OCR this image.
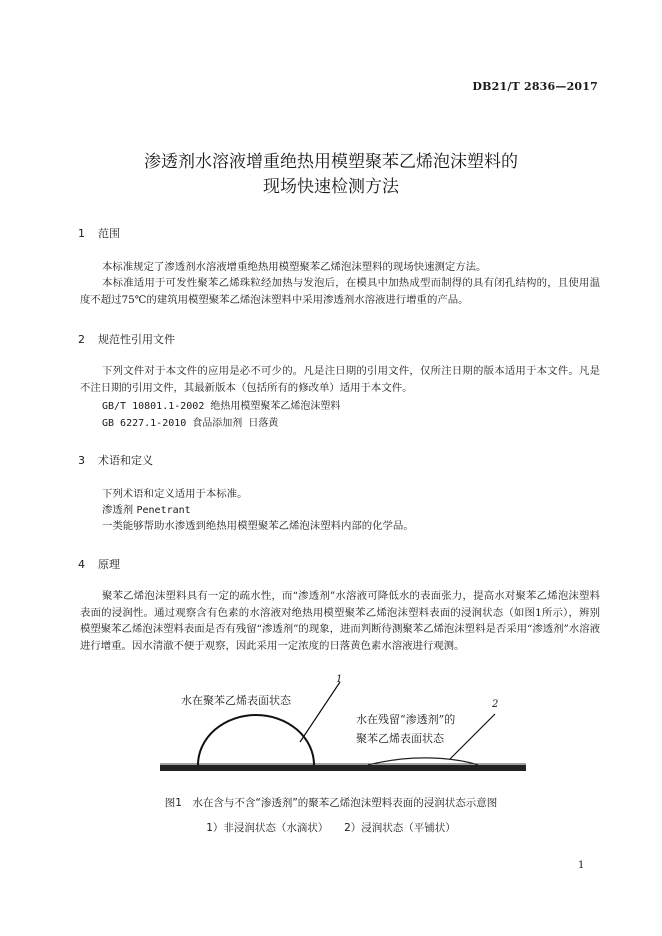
DB21/T 2836—2017
渗透剂水溶液增重绝热用模塑聚苯乙烯泡沫塑料的
现场快速检测方法
1 范围
本标准规定了渗透剂水溶液增重绝热用模塑聚苯乙烯泡沫塑料的现场快速测定方法。
本标准适用于可发性聚苯乙烯珠粒经加热与发泡后，在模具中加热成型而制得的具有闭孔结构的，且使用温度不超过75℃的建筑用模塑聚苯乙烯泡沫塑料中采用渗透剂水溶液进行增重的产品。
2 规范性引用文件
下列文件对于本文件的应用是必不可少的。凡是注日期的引用文件，仅所注日期的版本适用于本文件。凡是不注日期的引用文件，其最新版本（包括所有的修改单）适用于本文件。
GB/T 10801.1-2002 绝热用模塑聚苯乙烯泡沫塑料
GB 6227.1-2010 食品添加剂 日落黄
3 术语和定义
下列术语和定义适用于本标准。
渗透剂 Penetrant
一类能够帮助水渗透到绝热用模塑聚苯乙烯泡沫塑料内部的化学品。
4 原理
聚苯乙烯泡沫塑料具有一定的疏水性，而“渗透剂”水溶液可降低水的表面张力，提高水对聚苯乙烯泡沫塑料表面的浸润性。通过观察含有色素的水溶液对绝热用模塑聚苯乙烯泡沫塑料表面的浸润状态（如图1所示），辨别模塑聚苯乙烯泡沫塑料表面是否有残留“渗透剂”的现象，进而判断待测聚苯乙烯泡沫塑料是否采用“渗透剂”水溶液进行增重。因水清澈不便于观察，因此采用一定浓度的日落黄色素水溶液进行观测。
1
2
水在聚苯乙烯表面状态
水在残留“渗透剂”的
聚苯乙烯表面状态
图1　水在含与不含“渗透剂”的聚苯乙烯泡沫塑料表面的浸润状态示意图
1）非浸润状态（水滴状）　　2）浸润状态（平铺状）
1
